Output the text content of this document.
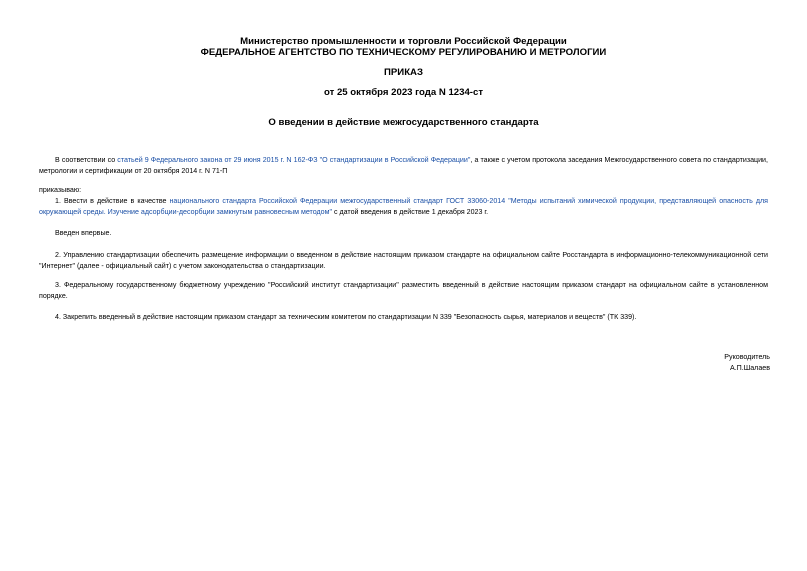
Министерство промышленности и торговли Российской Федерации
ФЕДЕРАЛЬНОЕ АГЕНТСТВО ПО ТЕХНИЧЕСКОМУ РЕГУЛИРОВАНИЮ И МЕТРОЛОГИИ
ПРИКАЗ
от 25 октября 2023 года N 1234-ст
О введении в действие межгосударственного стандарта
В соответствии со статьей 9 Федерального закона от 29 июня 2015 г. N 162-ФЗ "О стандартизации в Российской Федерации", а также с учетом протокола заседания Межгосударственного совета по стандартизации, метрологии и сертификации от 20 октября 2014 г. N 71-П
приказываю:
1. Ввести в действие в качестве национального стандарта Российской Федерации межгосударственный стандарт ГОСТ 33060-2014 "Методы испытаний химической продукции, представляющей опасность для окружающей среды. Изучение адсорбции-десорбции замкнутым равновесным методом" с датой введения в действие 1 декабря 2023 г.
Введен впервые.
2. Управлению стандартизации обеспечить размещение информации о введенном в действие настоящим приказом стандарте на официальном сайте Росстандарта в информационно-телекоммуникационной сети "Интернет" (далее - официальный сайт) с учетом законодательства о стандартизации.
3. Федеральному государственному бюджетному учреждению "Российский институт стандартизации" разместить введенный в действие настоящим приказом стандарт на официальном сайте в установленном порядке.
4. Закрепить введенный в действие настоящим приказом стандарт за техническим комитетом по стандартизации N 339 "Безопасность сырья, материалов и веществ" (ТК 339).
Руководитель
А.П.Шалаев
